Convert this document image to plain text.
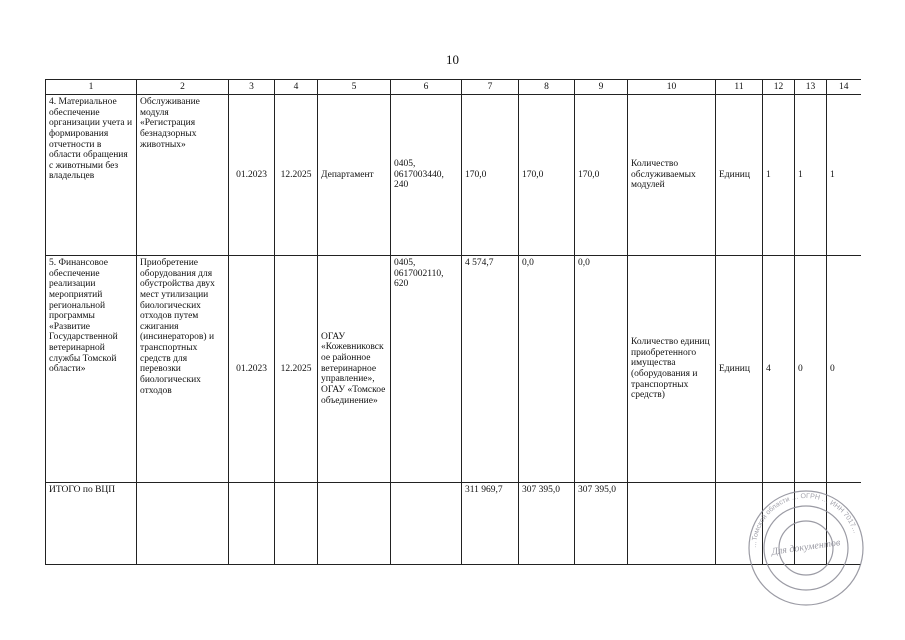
10
1	2	3	4	5	6	7	8	9	10	11	12	13	14
4. Материальное обеспечение организации учета и формирования отчетности в области обращения с животными без владельцев	Обслуживание модуля «Регистрация безнадзорных животных»	01.2023	12.2025	Департамент	0405, 0617003440, 240	170,0	170,0	170,0	Количество обслуживаемых модулей	Единиц	1	1	1
5. Финансовое обеспечение реализации мероприятий региональной программы «Развитие Государственной ветеринарной службы Томской области»	Приобретение оборудования для обустройства двух мест утилизации биологических отходов путем сжигания (инсинераторов) и транспортных средств для перевозки биологических отходов	01.2023	12.2025	ОГАУ «Кожевниковское районное ветеринарное управление», ОГАУ «Томское объединение»	0405, 0617002110, 620	4 574,7	0,0	0,0	Количество единиц приобретенного имущества (оборудования и транспортных средств)	Единиц	4	0	0
ИТОГО по ВЦП						311 969,7	307 395,0	307 395,0					
…Томской области … ОГРН … ИНН 7017…
Для документов
